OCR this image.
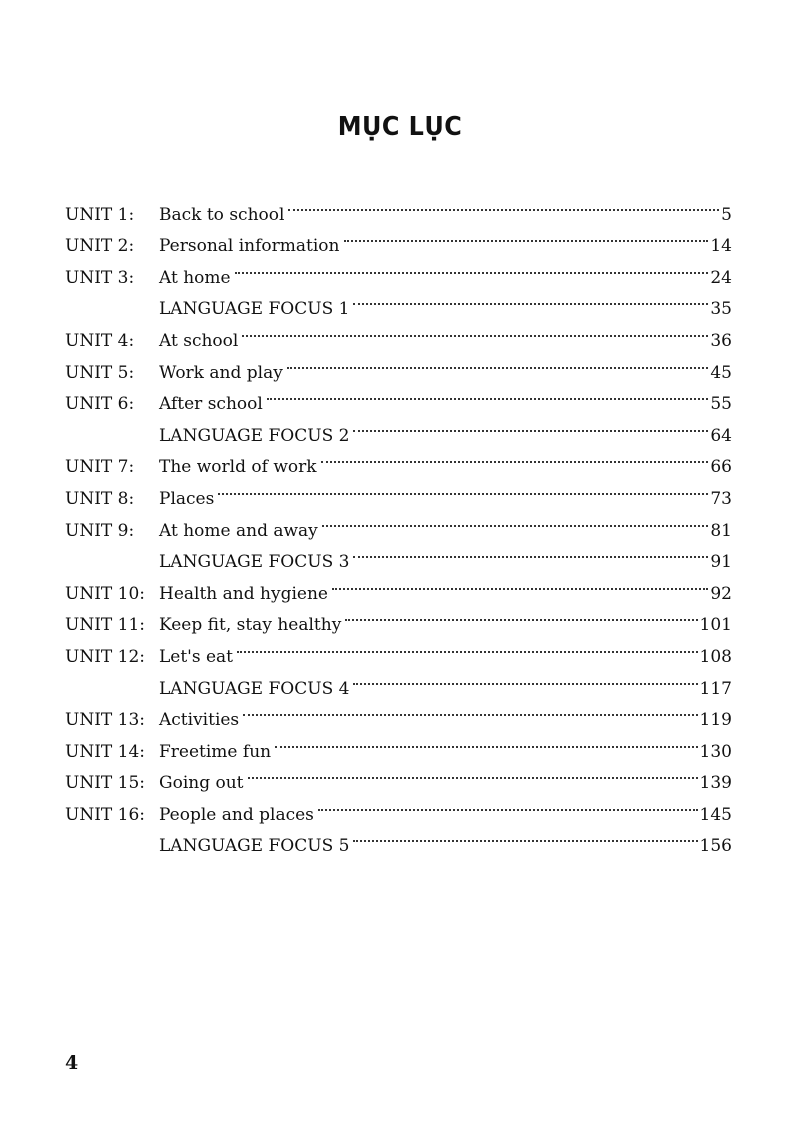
MỤC LỤC
UNIT 1:	Back to school	5
UNIT 2:	Personal information	14
UNIT 3:	At home	24
LANGUAGE FOCUS 1	35
UNIT 4:	At school	36
UNIT 5:	Work and play	45
UNIT 6:	After school	55
LANGUAGE FOCUS 2	64
UNIT 7:	The world of work	66
UNIT 8:	Places	73
UNIT 9:	At home and away	81
LANGUAGE FOCUS 3	91
UNIT 10: Health and hygiene	92
UNIT 11: Keep fit, stay healthy	101
UNIT 12: Let's eat	108
LANGUAGE FOCUS 4	117
UNIT 13: Activities	119
UNIT 14: Freetime fun	130
UNIT 15: Going out	139
UNIT 16: People and places	145
LANGUAGE FOCUS 5	156
4
